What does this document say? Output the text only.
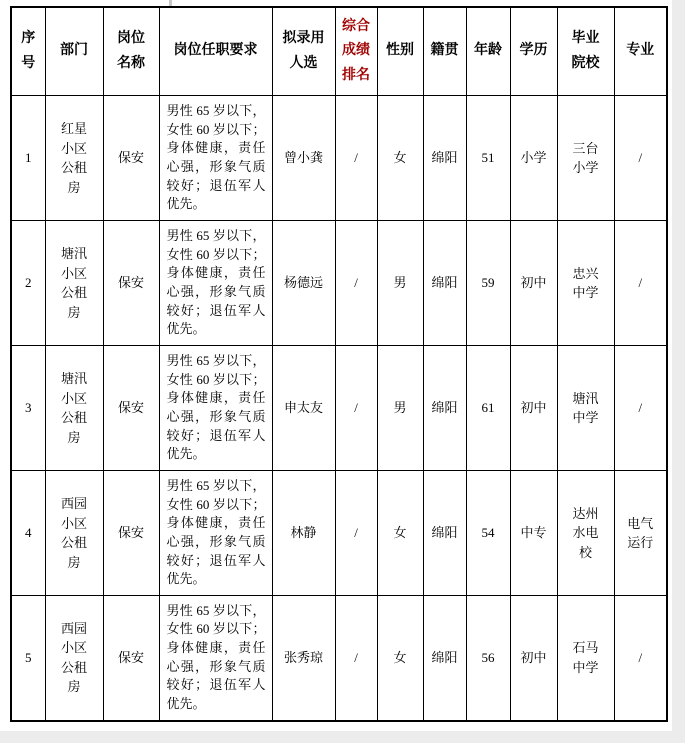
序号	部门	岗位名称	岗位任职要求	拟录用人选	综合成绩排名	性别	籍贯	年龄	学历	毕业院校	专业

1	红星小区公租房	保安	男性 65 岁以下，女性 60 岁以下；身体健康，责任心强，形象气质较好；退伍军人优先。	曾小龚	/	女	绵阳	51	小学	三台小学	/

2	塘汛小区公租房	保安	男性 65 岁以下，女性 60 岁以下；身体健康，责任心强，形象气质较好；退伍军人优先。	杨德远	/	男	绵阳	59	初中	忠兴中学	/

3	塘汛小区公租房	保安	男性 65 岁以下，女性 60 岁以下；身体健康，责任心强，形象气质较好；退伍军人优先。	申太友	/	男	绵阳	61	初中	塘汛中学	/

4	西园小区公租房	保安	男性 65 岁以下，女性 60 岁以下；身体健康，责任心强，形象气质较好；退伍军人优先。	林静	/	女	绵阳	54	中专	达州水电校	电气运行

5	西园小区公租房	保安	男性 65 岁以下，女性 60 岁以下；身体健康，责任心强，形象气质较好；退伍军人优先。	张秀琼	/	女	绵阳	56	初中	石马中学	/
